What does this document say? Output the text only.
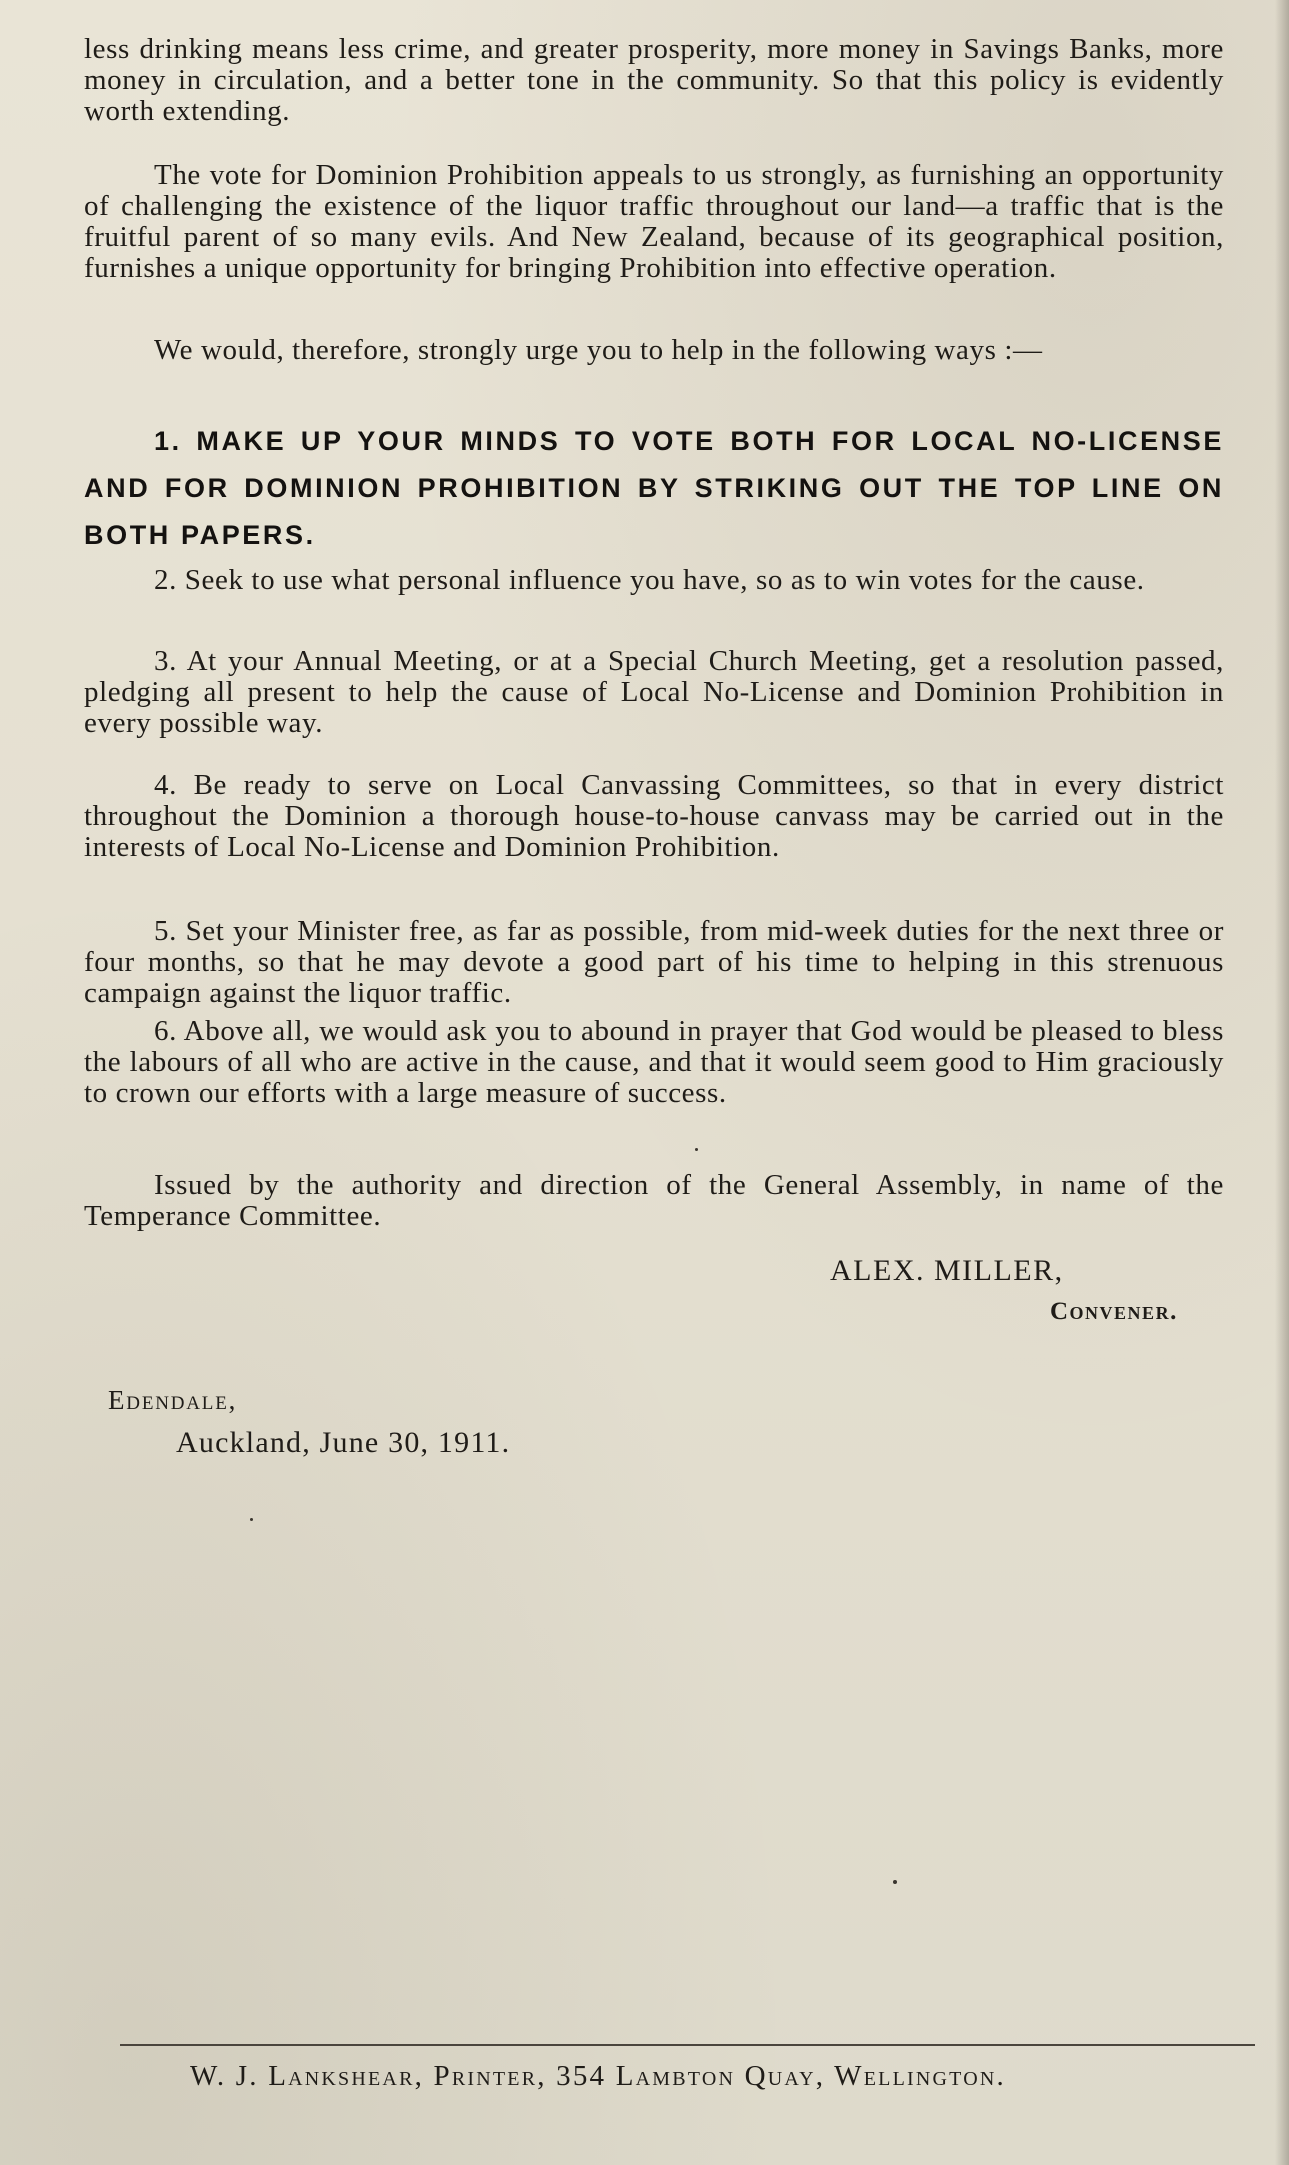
less drinking means less crime, and greater prosperity, more money in Savings Banks, more money in circulation, and a better tone in the community. So that this policy is evidently worth extending.

The vote for Dominion Prohibition appeals to us strongly, as furnishing an opportunity of challenging the existence of the liquor traffic throughout our land—a traffic that is the fruitful parent of so many evils. And New Zealand, because of its geographical position, furnishes a unique opportunity for bringing Prohibition into effective operation.

We would, therefore, strongly urge you to help in the following ways :—

1. MAKE UP YOUR MINDS TO VOTE BOTH FOR LOCAL NO-LICENSE AND FOR DOMINION PROHIBITION BY STRIKING OUT THE TOP LINE ON BOTH PAPERS.

2. Seek to use what personal influence you have, so as to win votes for the cause.

3. At your Annual Meeting, or at a Special Church Meeting, get a resolution passed, pledging all present to help the cause of Local No-License and Dominion Prohibition in every possible way.

4. Be ready to serve on Local Canvassing Committees, so that in every district throughout the Dominion a thorough house-to-house canvass may be carried out in the interests of Local No-License and Dominion Prohibition.

5. Set your Minister free, as far as possible, from mid-week duties for the next three or four months, so that he may devote a good part of his time to helping in this strenuous campaign against the liquor traffic.

6. Above all, we would ask you to abound in prayer that God would be pleased to bless the labours of all who are active in the cause, and that it would seem good to Him graciously to crown our efforts with a large measure of success.

Issued by the authority and direction of the General Assembly, in name of the Temperance Committee.

ALEX. MILLER,
Convener.
Edendale,
Auckland, June 30, 1911.
W. J. Lankshear, Printer, 354 Lambton Quay, Wellington.
